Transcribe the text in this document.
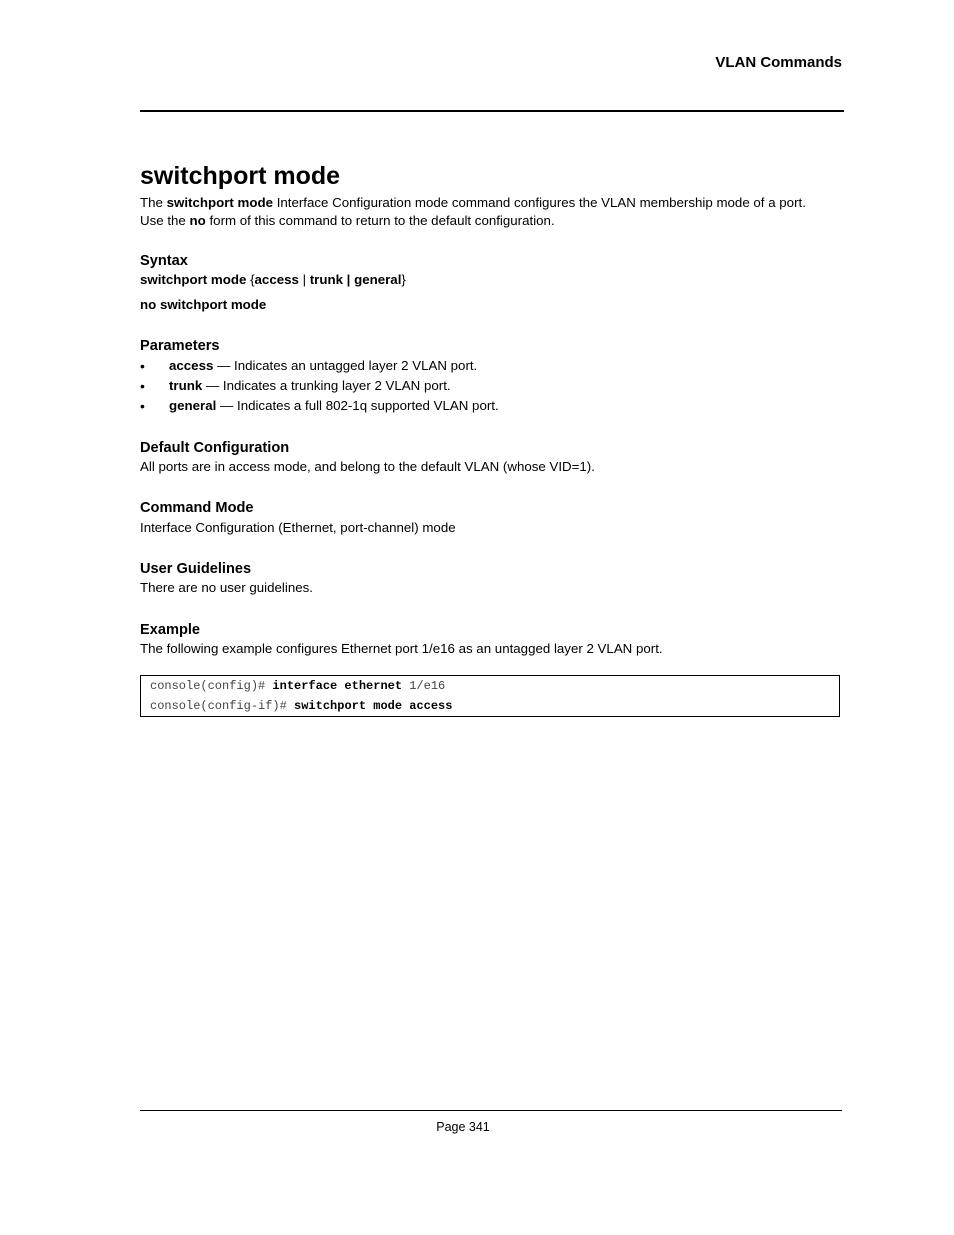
VLAN Commands
switchport mode
The switchport mode Interface Configuration mode command configures the VLAN membership mode of a port.
Use the no form of this command to return to the default configuration.
Syntax
switchport mode {access | trunk | general}
no switchport mode
Parameters
• access — Indicates an untagged layer 2 VLAN port.
• trunk — Indicates a trunking layer 2 VLAN port.
• general — Indicates a full 802-1q supported VLAN port.
Default Configuration
All ports are in access mode, and belong to the default VLAN (whose VID=1).
Command Mode
Interface Configuration (Ethernet, port-channel) mode
User Guidelines
There are no user guidelines.
Example
The following example configures Ethernet port 1/e16 as an untagged layer 2 VLAN port.
console(config)# interface ethernet 1/e16
console(config-if)# switchport mode access
Page 341
